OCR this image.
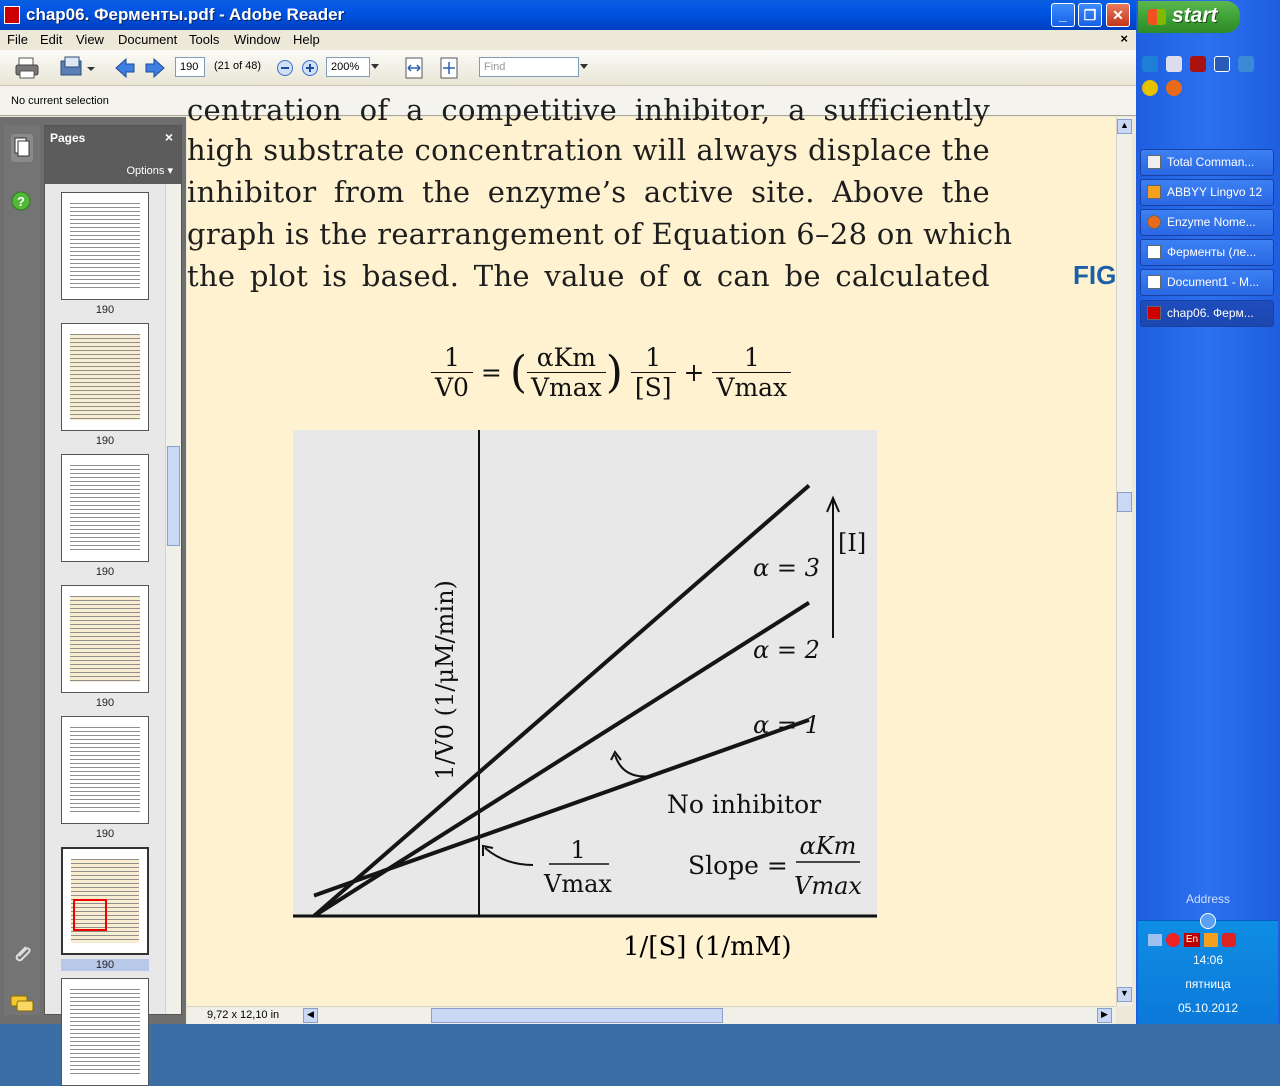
chap06. Ферменты.pdf - Adobe Reader	_	❐	✕
File Edit View Document Tools Window Help	×
190	(21 of 48)	200%	Find
No current selection
?
Pages	×
Options ▾
190
190
190
190
190
190
centration of a competitive inhibitor, a sufficiently
high substrate concentration will always displace the
inhibitor from the enzyme’s active site. Above the
graph is the rearrangement of Equation 6–28 on which
the plot is based. The value of α can be calculated	FIG
$\frac{1}{V0}$ = ( $\frac{\text{αKm}}{Vmax}$ ) $\frac{1}{[S]} + \frac{1}{Vmax}$
[I]
α = 3
α = 2
α = 1
No inhibitor
1
Vmax
Slope =
αKm
Vmax
1/V0 (1/μM/min)
1/[S] (1/mM)
▲
▼
9,72 x 12,10 in	◀	▶
start
Total Comman...
ABBYY Lingvo 12
Enzyme Nome...
Ферменты (ле...
Document1 - M...
chap06. Ферм...
Address
En
14:06
пятница
05.10.2012
